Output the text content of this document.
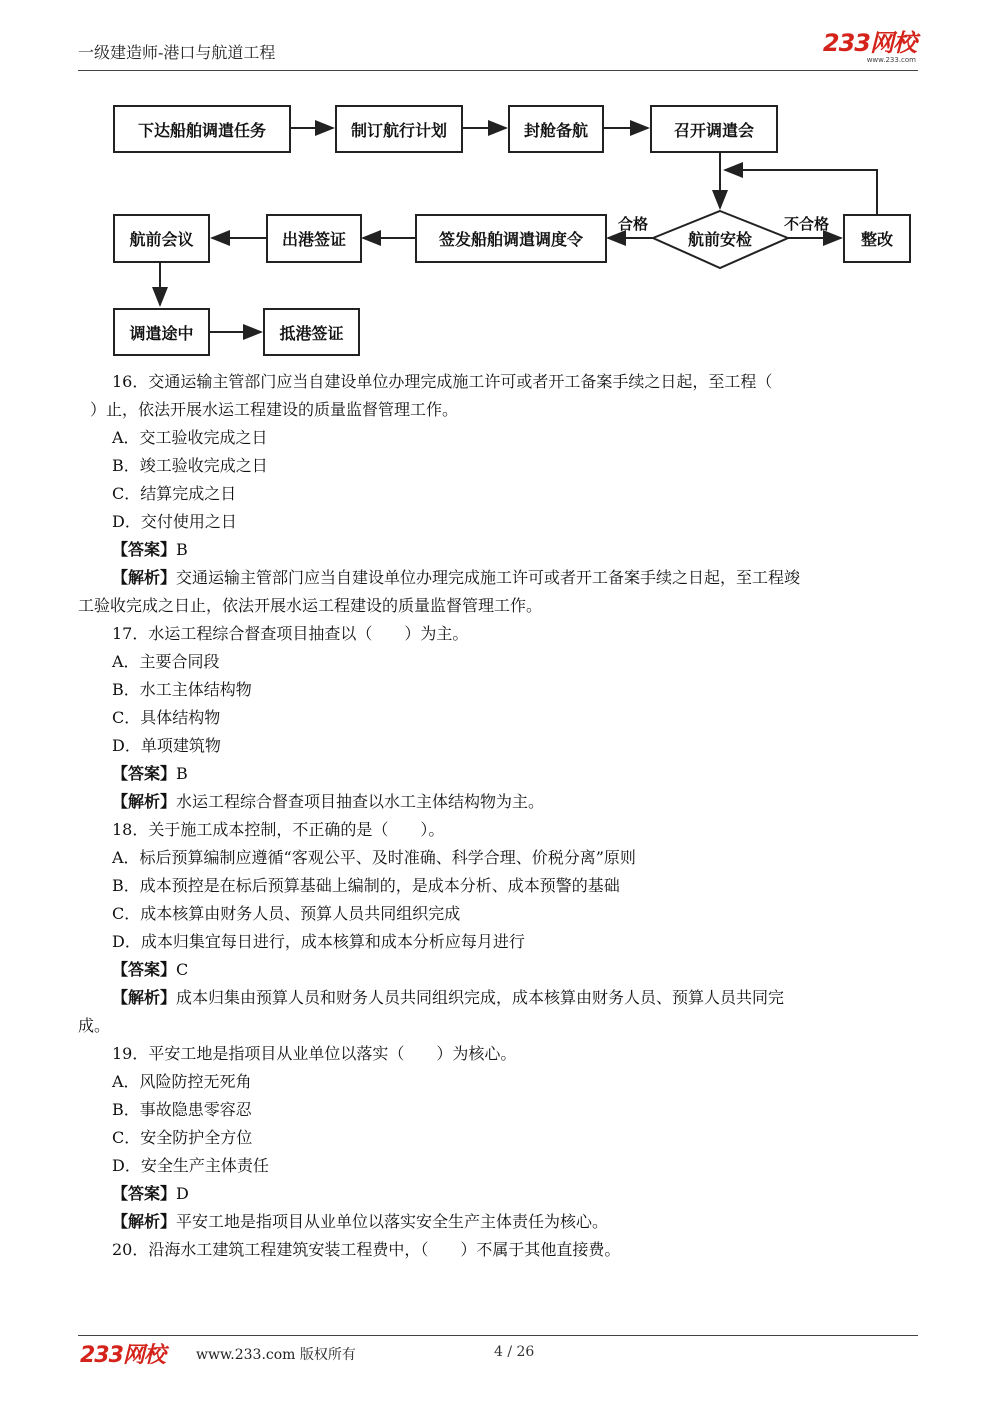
一级建造师-港口与航道工程	233网校
www.233.com
下达船舶调遣任务	制订航行计划	封舱备航	召开调遣会
航前安检	整改
签发船舶调遣调度令
出港签证
航前会议
调遣途中	抵港签证
合格	不合格

16．交通运输主管部门应当自建设单位办理完成施工许可或者开工备案手续之日起，至工程（

）止，依法开展水运工程建设的质量监督管理工作。

A．交工验收完成之日

B．竣工验收完成之日

C．结算完成之日

D．交付使用之日

【答案】B

【解析】交通运输主管部门应当自建设单位办理完成施工许可或者开工备案手续之日起，至工程竣

工验收完成之日止，依法开展水运工程建设的质量监督管理工作。

17．水运工程综合督查项目抽查以（　　）为主。

A．主要合同段

B．水工主体结构物

C．具体结构物

D．单项建筑物

【答案】B

【解析】水运工程综合督查项目抽查以水工主体结构物为主。

18．关于施工成本控制，不正确的是（　　）。

A．标后预算编制应遵循“客观公平、及时准确、科学合理、价税分离”原则

B．成本预控是在标后预算基础上编制的，是成本分析、成本预警的基础

C．成本核算由财务人员、预算人员共同组织完成

D．成本归集宜每日进行，成本核算和成本分析应每月进行

【答案】C

【解析】成本归集由预算人员和财务人员共同组织完成，成本核算由财务人员、预算人员共同完

成。

19．平安工地是指项目从业单位以落实（　　）为核心。

A．风险防控无死角

B．事故隐患零容忍

C．安全防护全方位

D．安全生产主体责任

【答案】D

【解析】平安工地是指项目从业单位以落实安全生产主体责任为核心。

20．沿海水工建筑工程建筑安装工程费中，（　　）不属于其他直接费。

233网校 www.233.com 版权所有	4 / 26
